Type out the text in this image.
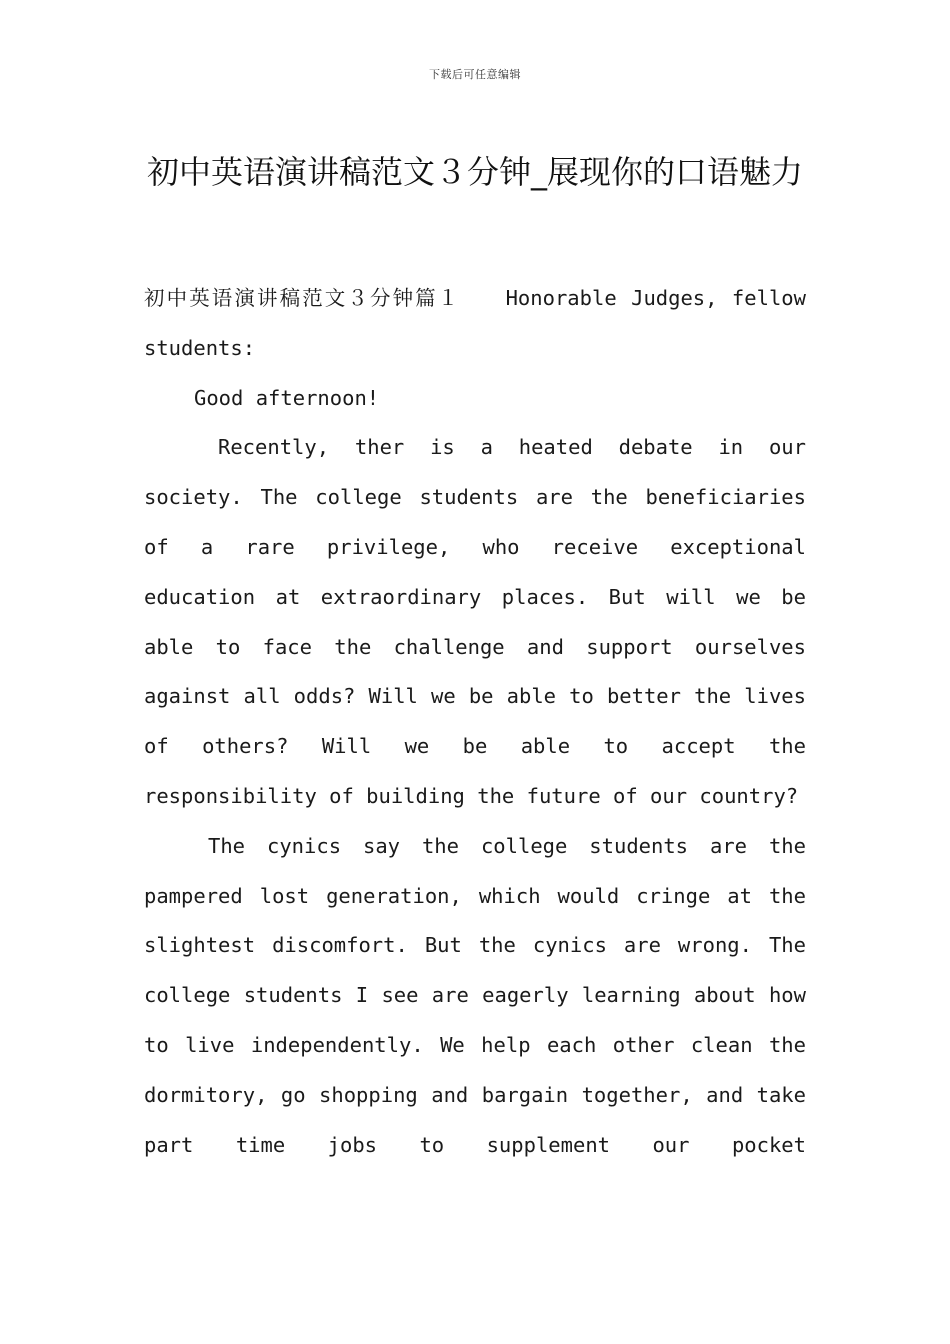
下载后可任意编辑
初中英语演讲稿范文３分钟_展现你的口语魅力

初中英语演讲稿范文３分钟篇１　　Honorable Judges, fellow students:

Good afternoon!

Recently, ther is a heated debate in our society. The college students are the beneficiaries of a rare privilege, who receive exceptional education at extraordinary places. But will we be able to face the challenge and support ourselves against all odds? Will we be able to better the lives of others? Will we be able to accept the responsibility of building the future of our country?

The cynics say the college students are the pampered lost generation, which would cringe at the slightest discomfort. But the cynics are wrong. The college students I see are eagerly learning about how to live independently. We help each other clean the dormitory, go shopping and bargain together, and take part time jobs to supplement our pocket
